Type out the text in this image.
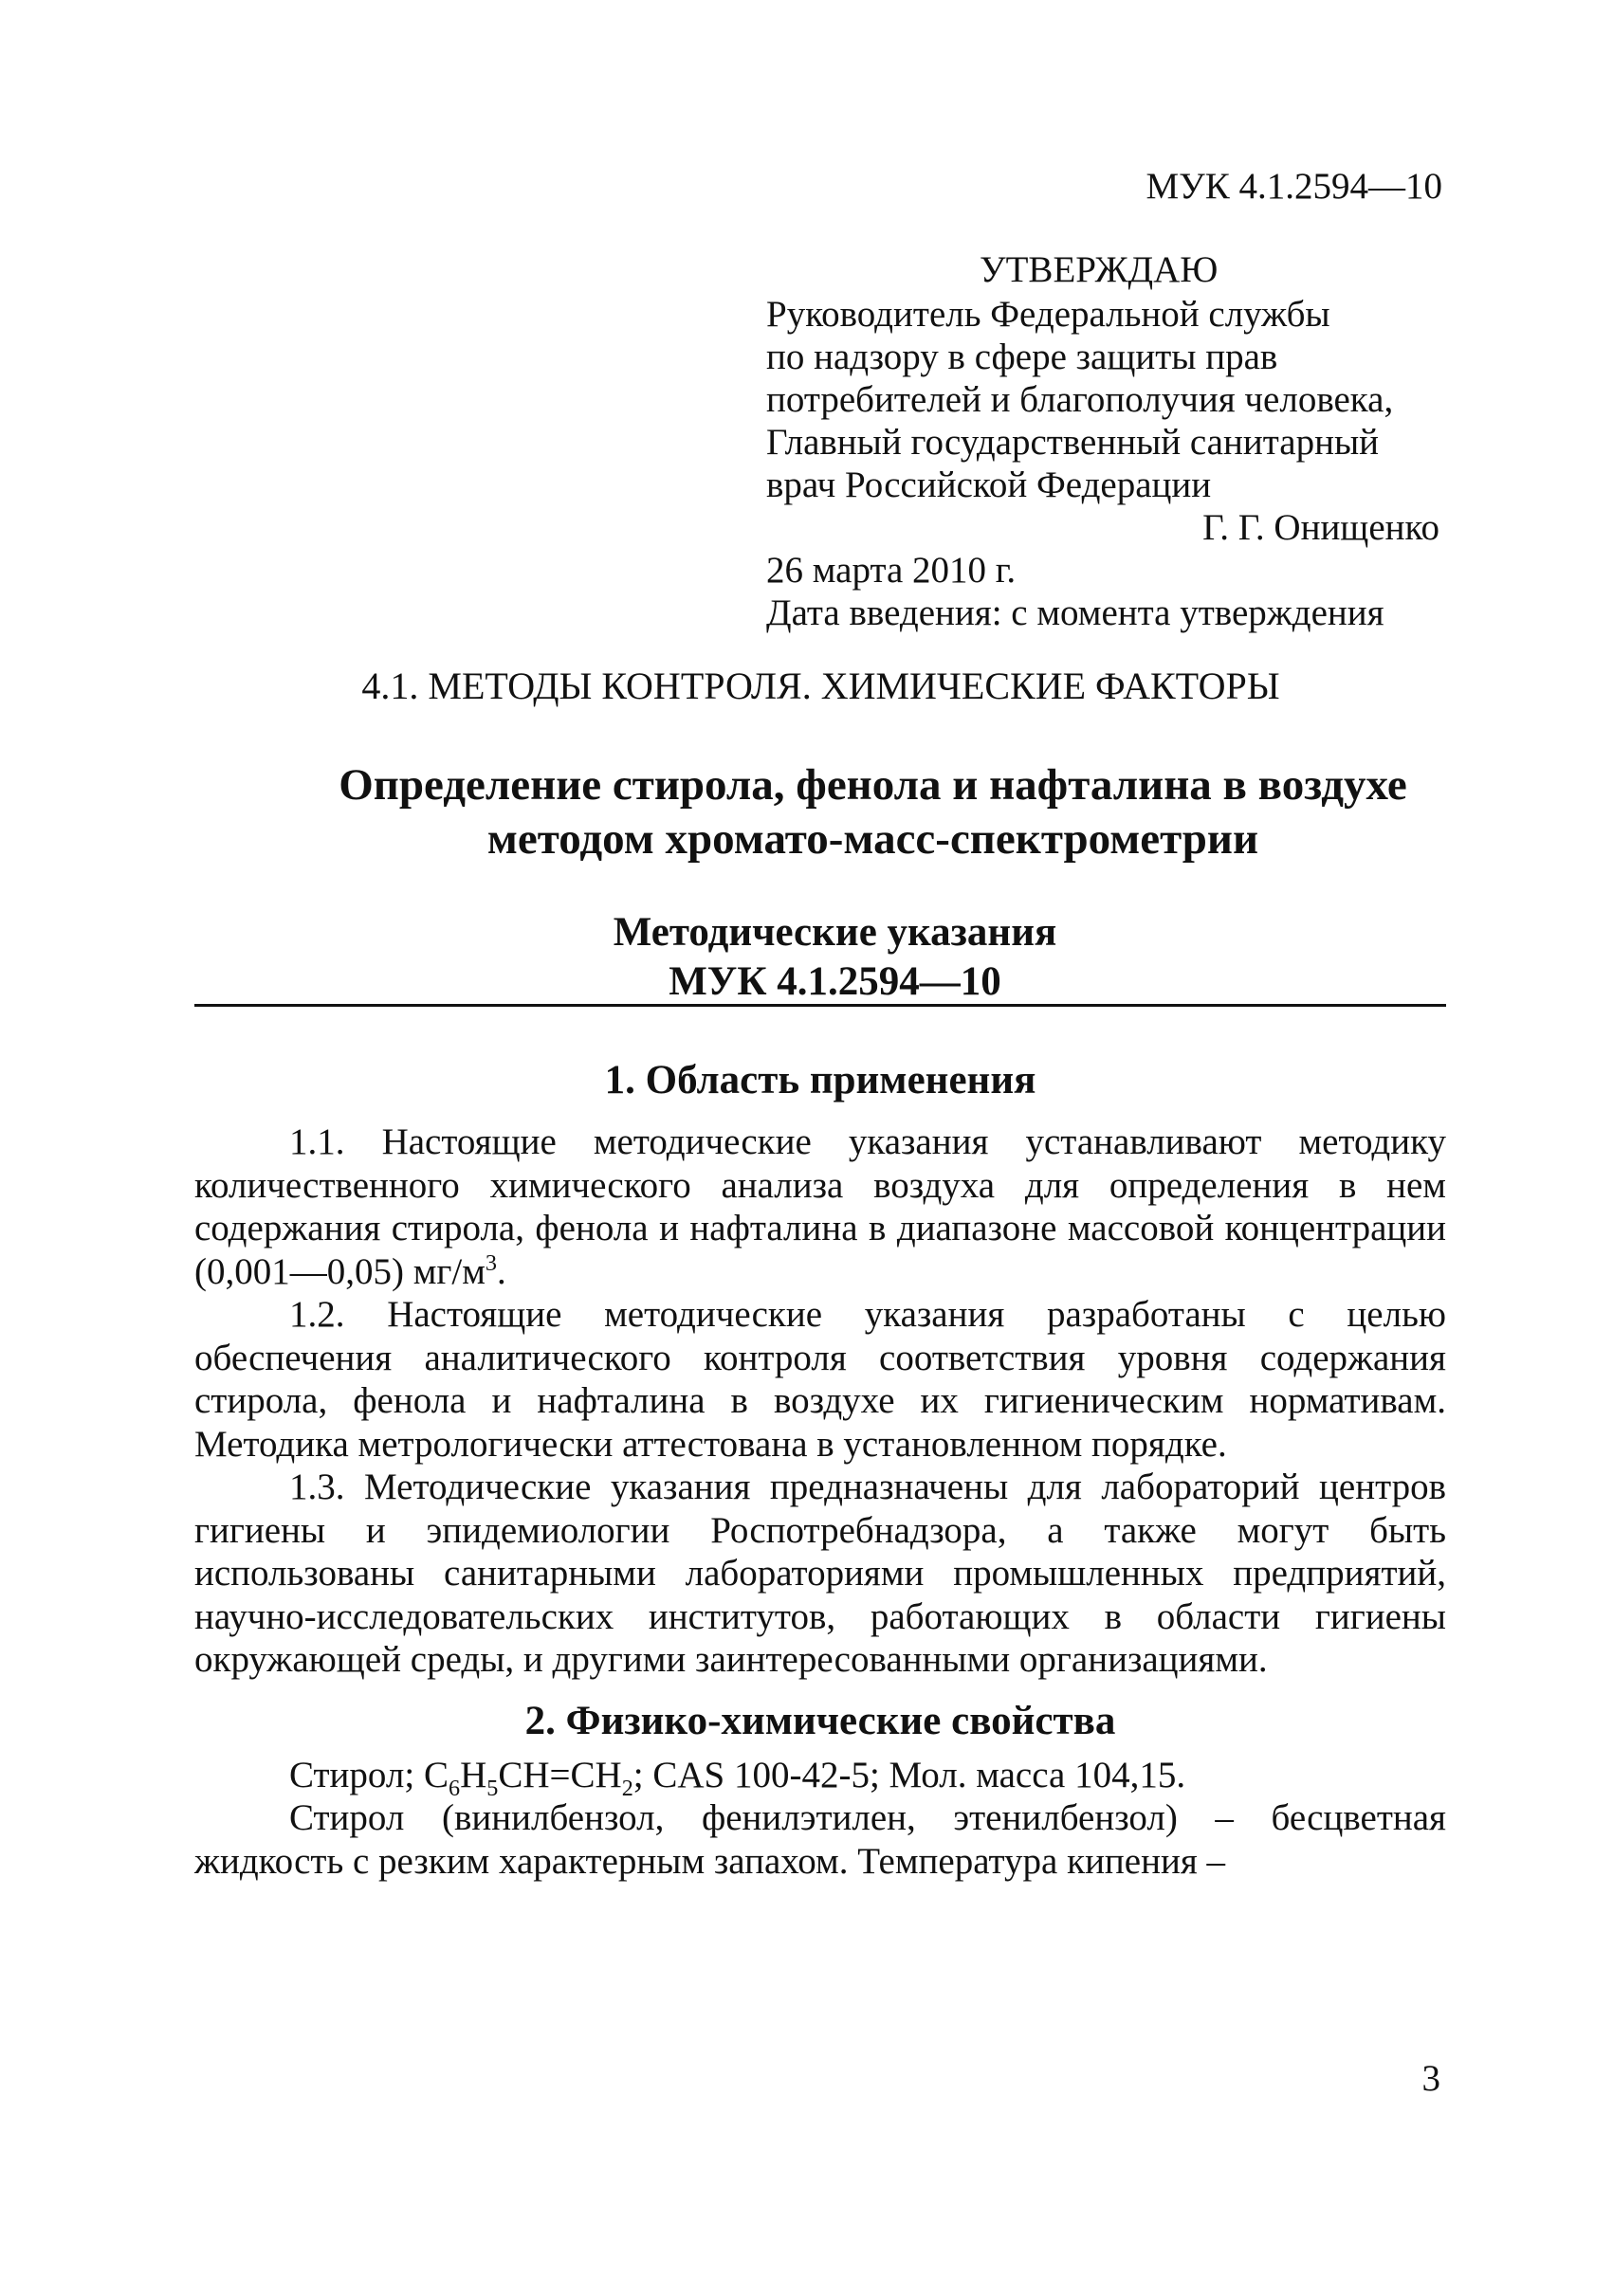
МУК 4.1.2594—10
УТВЕРЖДАЮ
Руководитель Федеральной службы
по надзору в сфере защиты прав
потребителей и благополучия человека,
Главный государственный санитарный
врач Российской Федерации
Г. Г. Онищенко
26 марта 2010 г.
Дата введения: с момента утверждения
4.1. МЕТОДЫ КОНТРОЛЯ. ХИМИЧЕСКИЕ ФАКТОРЫ
Определение стирола, фенола и нафталина в воздухе
методом хромато-масс-спектрометрии
Методические указания
МУК 4.1.2594—10
1. Область применения

1.1. Настоящие методические указания устанавливают методику количественного химического анализа воздуха для определения в нем содержания стирола, фенола и нафталина в диапазоне массовой концентрации (0,001—0,05) $мг/м^3$.

1.2. Настоящие методические указания разработаны с целью обеспечения аналитического контроля соответствия уровня содержания стирола, фенола и нафталина в воздухе их гигиеническим нормативам. Методика метрологически аттестована в установленном порядке.

1.3. Методические указания предназначены для лабораторий центров гигиены и эпидемиологии Роспотребнадзора, а также могут быть использованы санитарными лабораториями промышленных предприятий, научно-исследовательских институтов, работающих в области гигиены окружающей среды, и другими заинтересованными организациями.

2. Физико-химические свойства

Стирол; $C_6H_5CH=CH_2$; CAS 100-42-5; Мол. масса 104,15.

Стирол (винилбензол, фенилэтилен, этенилбензол) – бесцветная жидкость с резким характерным запахом. Температура кипения –

3
